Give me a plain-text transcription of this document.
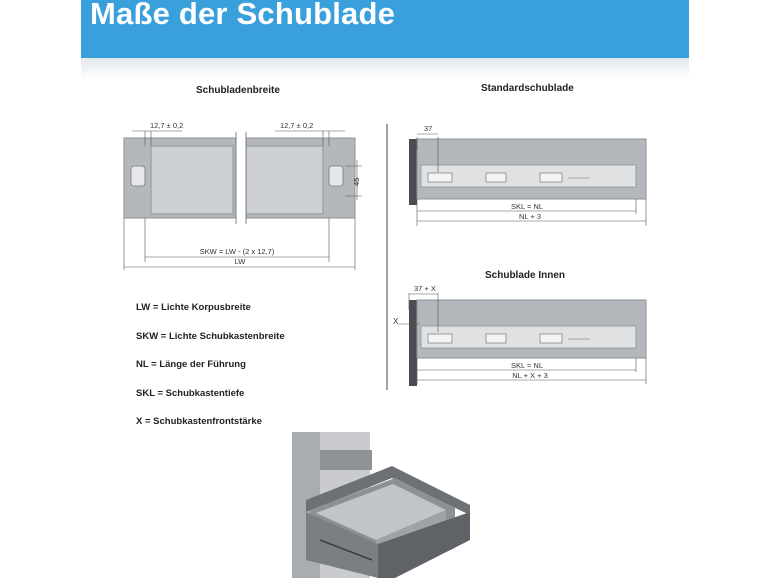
Maße der Schublade
Schubladenbreite	Standardschublade
Schublade Innen
12,7 ± 0,2	12,7 ± 0,2
45
SKW = LW - (2 x 12,7)
LW
37
SKL = NL
NL + 3
37 + X
X
SKL = NL
NL + X + 3
LW = Lichte Korpusbreite
SKW = Lichte Schubkastenbreite
NL = Länge der Führung
SKL = Schubkastentiefe
X = Schubkastenfrontstärke
